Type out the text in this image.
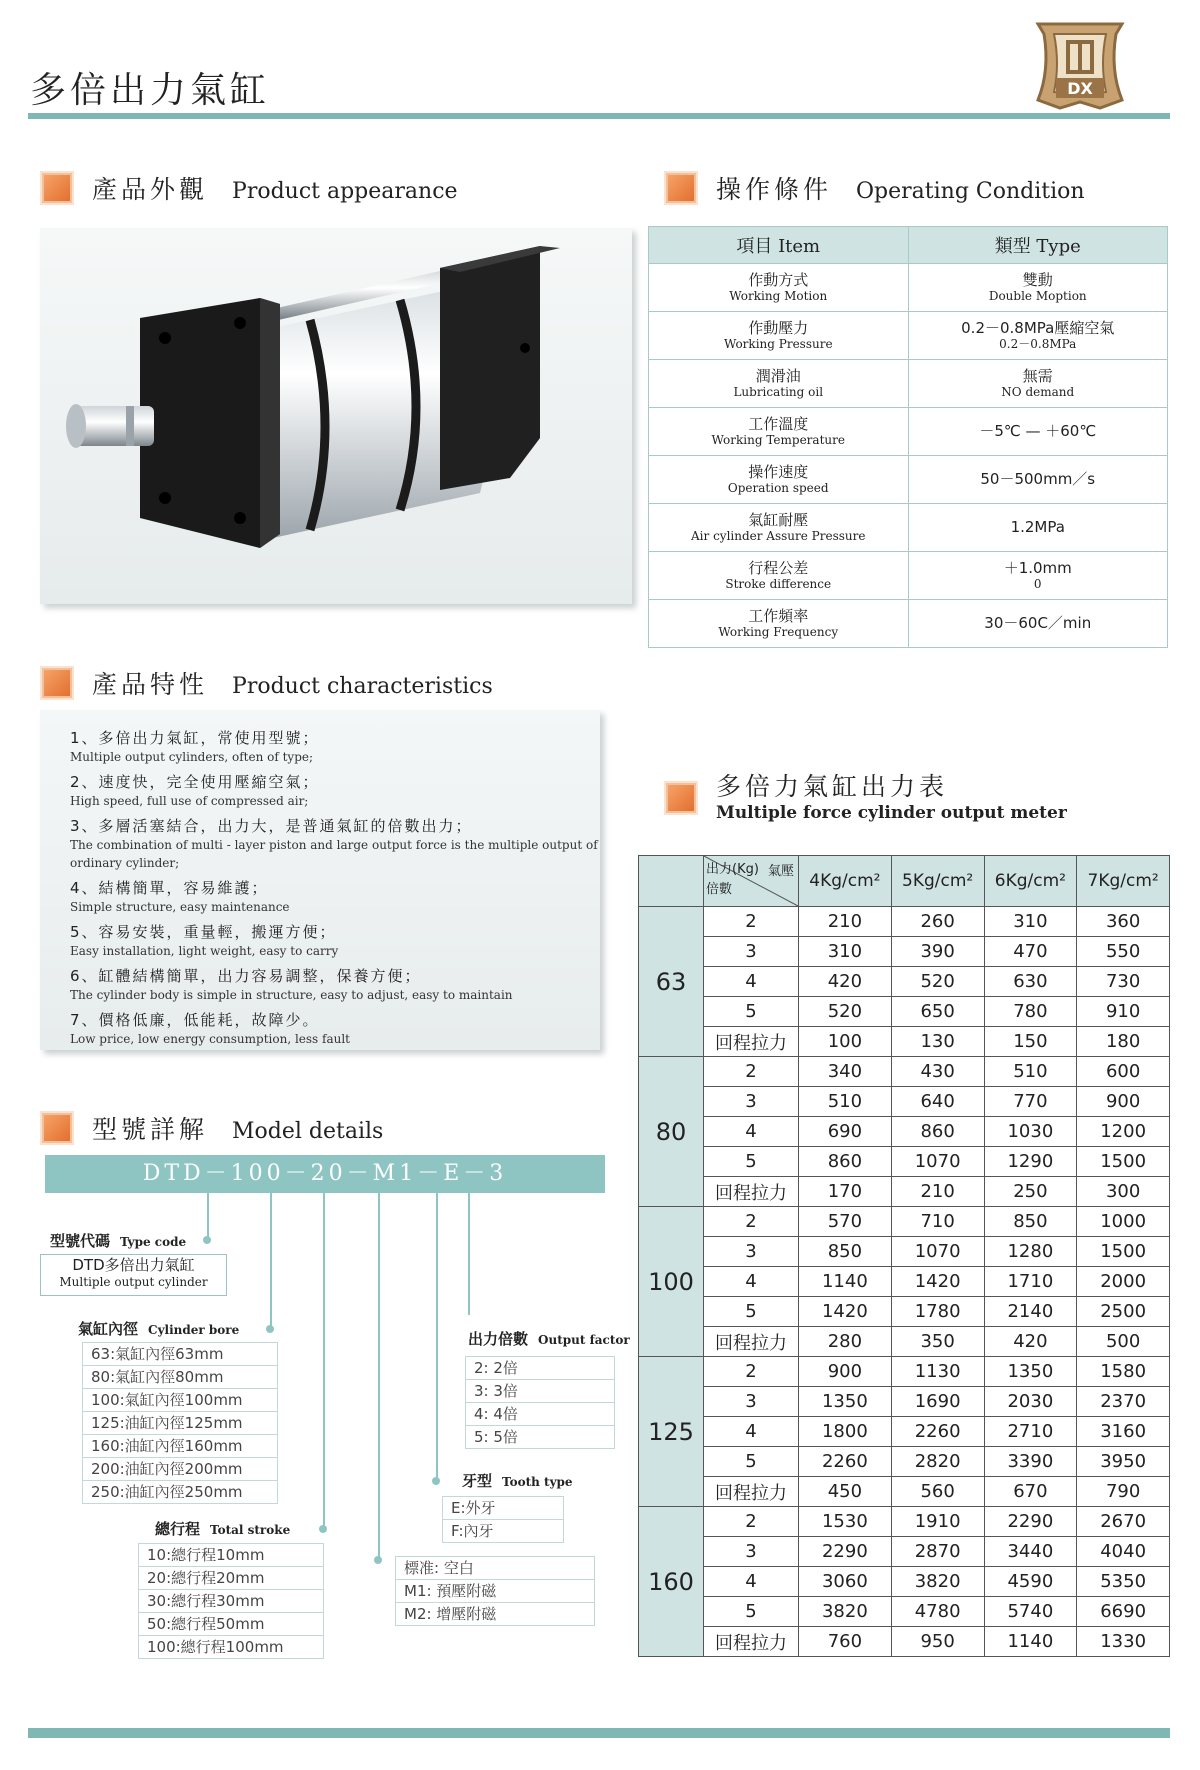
多倍出力氣缸	DX
產品外觀 Product appearance	操作條件 Operating Condition
項目 Item	類型 Type

作動方式
Working Motion	雙動
Double Moption

作動壓力
Working Pressure	0.2－0.8MPa壓縮空氣
0.2－0.8MPa

潤滑油
Lubricating oil	無需
NO demand

工作溫度
Working Temperature	－5℃ — ＋60℃

操作速度
Operation speed	50－500mm／s

氣缸耐壓
Air cylinder Assure Pressure	1.2MPa

行程公差
Stroke difference	＋1.0mm
0

工作頻率
Working Frequency	30－60C／min
產品特性 Product characteristics
1、多倍出力氣缸，常使用型號；
Multiple output cylinders, often of type;
2、速度快，完全使用壓縮空氣；
High speed, full use of compressed air;
3、多層活塞結合，出力大，是普通氣缸的倍數出力；
The combination of multi - layer piston and large output force is the multiple output of ordinary cylinder;
4、結構簡單，容易維護；
Simple structure, easy maintenance
5、容易安裝，重量輕，搬運方便；
Easy installation, light weight, easy to carry
6、缸體結構簡單，出力容易調整，保養方便；
The cylinder body is simple in structure, easy to adjust, easy to maintain
7、價格低廉，低能耗，故障少。
Low price, low energy consumption, less fault
型號詳解 Model details
DTD－100－20－M1－E－3
型號代碼 Type code
DTD多倍出力氣缸
Multiple output cylinder
氣缸內徑 Cylinder bore
63:氣缸內徑63mm
80:氣缸內徑80mm
100:氣缸內徑100mm
125:油缸內徑125mm
160:油缸內徑160mm
200:油缸內徑200mm
250:油缸內徑250mm
總行程 Total stroke
10:總行程10mm
20:總行程20mm
30:總行程30mm
50:總行程50mm
100:總行程100mm
出力倍數 Output factor
2: 2倍
3: 3倍
4: 4倍
5: 5倍
牙型 Tooth type
E:外牙
F:內牙
標准: 空白
M1: 預壓附磁
M2: 增壓附磁
多倍力氣缸出力表
Multiple force cylinder output meter

	出力(Kg)
倍數
氣壓	4Kg/cm²	5Kg/cm²	6Kg/cm²	7Kg/cm²
63	2	210	260	310	360
	3	310	390	470	550
	4	420	520	630	730
	5	520	650	780	910
	回程拉力	100	130	150	180
80	2	340	430	510	600
	3	510	640	770	900
	4	690	860	1030	1200
	5	860	1070	1290	1500
	回程拉力	170	210	250	300
100	2	570	710	850	1000
	3	850	1070	1280	1500
	4	1140	1420	1710	2000
	5	1420	1780	2140	2500
	回程拉力	280	350	420	500
125	2	900	1130	1350	1580
	3	1350	1690	2030	2370
	4	1800	2260	2710	3160
	5	2260	2820	3390	3950
	回程拉力	450	560	670	790
160	2	1530	1910	2290	2670
	3	2290	2870	3440	4040
	4	3060	3820	4590	5350
	5	3820	4780	5740	6690
	回程拉力	760	950	1140	1330
